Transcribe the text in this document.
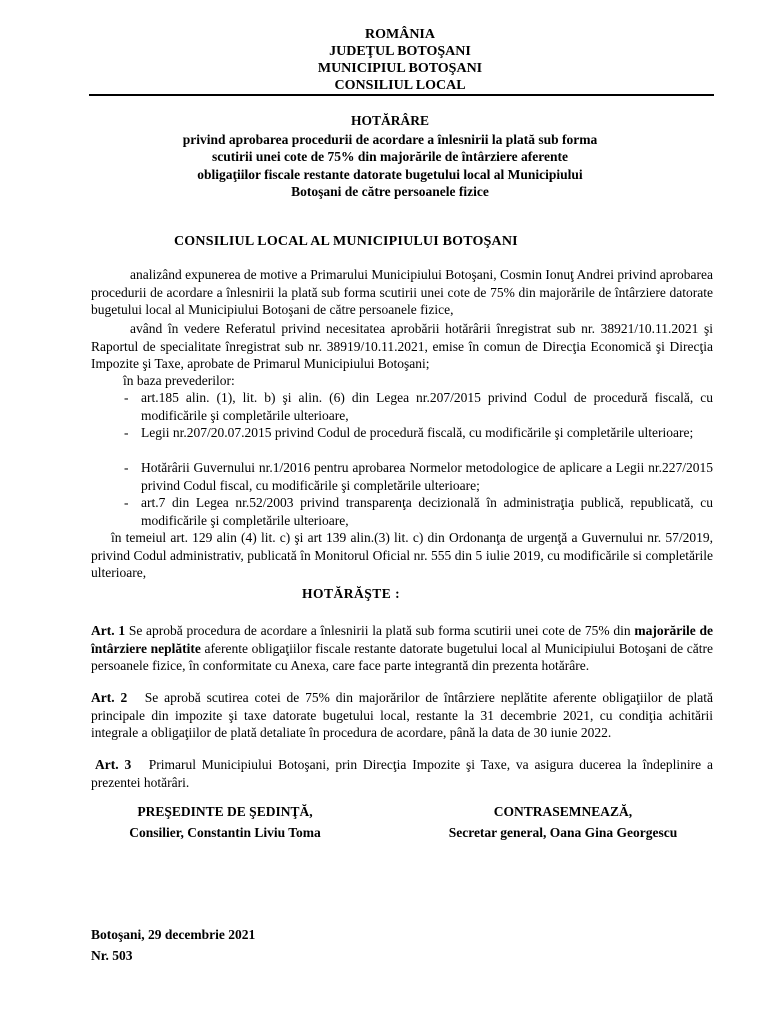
ROMÂNIA
JUDEŢUL BOTOŞANI
MUNICIPIUL BOTOŞANI
CONSILIUL LOCAL
HOTĂRÂRE
privind aprobarea procedurii de acordare a înlesnirii la plată sub forma
scutirii unei cote de 75% din majorările de întârziere aferente
obligaţiilor fiscale restante datorate bugetului local al Municipiului
Botoşani de către persoanele fizice
CONSILIUL LOCAL AL MUNICIPIULUI BOTOŞANI
analizând expunerea de motive a Primarului Municipiului Botoşani, Cosmin Ionuţ Andrei privind aprobarea procedurii de acordare a înlesnirii la plată sub forma scutirii unei cote de 75% din majorările de întârziere datorate bugetului local al Municipiului Botoşani de către persoanele fizice,
având în vedere Referatul privind necesitatea aprobării hotărârii înregistrat sub nr. 38921/10.11.2021 şi Raportul de specialitate înregistrat sub nr. 38919/10.11.2021, emise în comun de Direcţia Economică şi Direcţia Impozite şi Taxe, aprobate de Primarul Municipiului Botoşani;
în baza prevederilor:
- art.185 alin. (1), lit. b) şi alin. (6) din Legea nr.207/2015 privind Codul de procedură fiscală, cu modificările şi completările ulterioare,
- Legii nr.207/20.07.2015 privind Codul de procedură fiscală, cu modificările şi completările ulterioare;
- Hotărârii Guvernului nr.1/2016 pentru aprobarea Normelor metodologice de aplicare a Legii nr.227/2015 privind Codul fiscal, cu modificările şi completările ulterioare;
- art.7 din Legea nr.52/2003 privind transparenţa decizională în administraţia publică, republicată, cu modificările şi completările ulterioare,
în temeiul art. 129 alin (4) lit. c) şi art 139 alin.(3) lit. c) din Ordonanţa de urgenţă a Guvernului nr. 57/2019, privind Codul administrativ, publicată în Monitorul Oficial nr. 555 din 5 iulie 2019, cu modificările si completările ulterioare,
HOTĂRĂŞTE :
Art. 1 Se aprobă procedura de acordare a înlesnirii la plată sub forma scutirii unei cote de 75% din majorările de întârziere neplătite aferente obligaţiilor fiscale restante datorate bugetului local al Municipiului Botoşani de către persoanele fizice, în conformitate cu Anexa, care face parte integrantă din prezenta hotărâre.
Art. 2 Se aprobă scutirea cotei de 75% din majorărilor de întârziere neplătite aferente obligaţiilor de plată principale din impozite şi taxe datorate bugetului local, restante la 31 decembrie 2021, cu condiţia achitării integrale a obligaţiilor de plată detaliate în procedura de acordare, până la data de 30 iunie 2022.
Art. 3 Primarul Municipiului Botoşani, prin Direcţia Impozite şi Taxe, va asigura ducerea la îndeplinire a prezentei hotărâri.
PREŞEDINTE DE ŞEDINŢĂ,
Consilier, Constantin Liviu Toma
CONTRASEMNEAZĂ,
Secretar general, Oana Gina Georgescu
Botoşani, 29 decembrie 2021
Nr. 503
